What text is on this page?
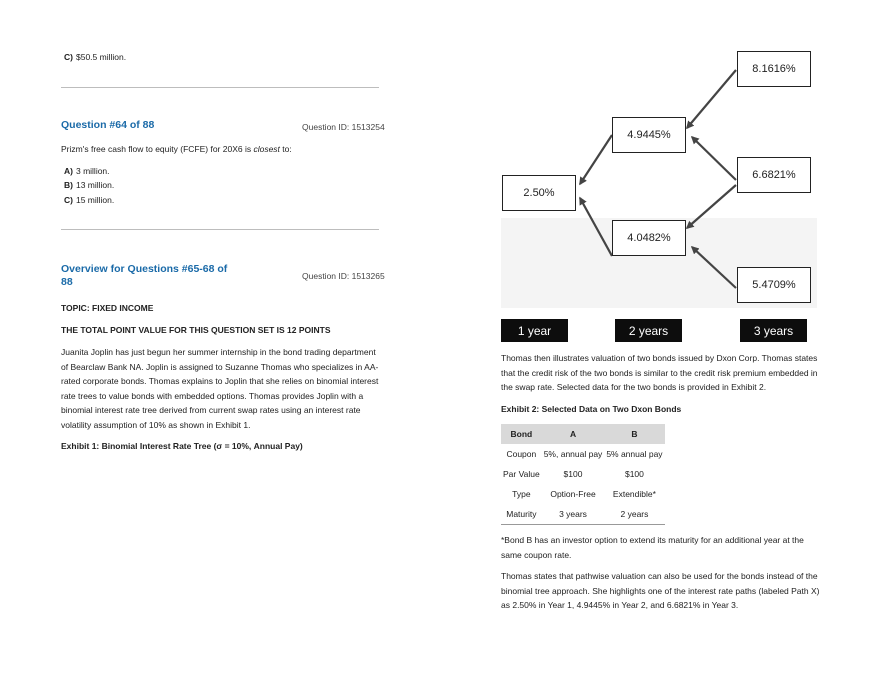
C) $50.5 million.
Question #64 of 88	Question ID: 1513254
Prizm's free cash flow to equity (FCFE) for 20X6 is closest to:
A) 3 million.
B) 13 million.
C) 15 million.
Overview for Questions #65-68 of
88	Question ID: 1513265
TOPIC: FIXED INCOME
THE TOTAL POINT VALUE FOR THIS QUESTION SET IS 12 POINTS
Juanita Joplin has just begun her summer internship in the bond trading department
of Bearclaw Bank NA. Joplin is assigned to Suzanne Thomas who specializes in AA-
rated corporate bonds. Thomas explains to Joplin that she relies on binomial interest
rate trees to value bonds with embedded options. Thomas provides Joplin with a
binomial interest rate tree derived from current swap rates using an interest rate
volatility assumption of 10% as shown in Exhibit 1.
Exhibit 1: Binomial Interest Rate Tree (σ = 10%, Annual Pay)
2.50%
4.9445%
4.0482%
8.1616%
6.6821%
5.4709%
1 year	2 years	3 years
Thomas then illustrates valuation of two bonds issued by Dxon Corp. Thomas states
that the credit risk of the two bonds is similar to the credit risk premium embedded in
the swap rate. Selected data for the two bonds is provided in Exhibit 2.
Exhibit 2: Selected Data on Two Dxon Bonds
Bond	A	B
Coupon	5%, annual pay	5% annual pay
Par Value	$100	$100
Type	Option-Free	Extendible*
Maturity	3 years	2 years
*Bond B has an investor option to extend its maturity for an additional year at the
same coupon rate.
Thomas states that pathwise valuation can also be used for the bonds instead of the
binomial tree approach. She highlights one of the interest rate paths (labeled Path X)
as 2.50% in Year 1, 4.9445% in Year 2, and 6.6821% in Year 3.
